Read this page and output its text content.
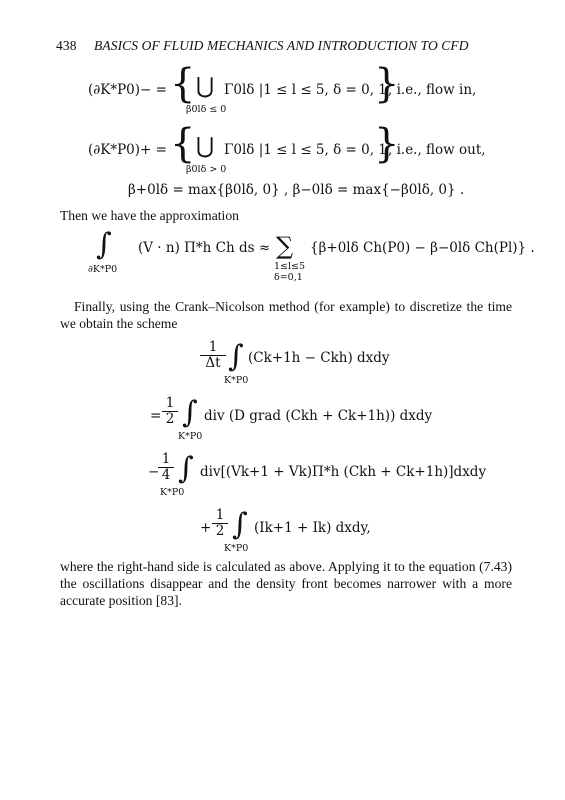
438 BASICS OF FLUID MECHANICS AND INTRODUCTION TO CFD
(∂K*P0)− = { ⋃
β0lδ ≤ 0
Γ0lδ |1 ≤ l ≤ 5, δ = 0, 1
}
, i.e., flow in,
(∂K*P0)+ = { ⋃
β0lδ > 0
Γ0lδ |1 ≤ l ≤ 5, δ = 0, 1
}
, i.e., flow out,
β+0lδ = max{β0lδ, 0} , β−0lδ = max{−β0lδ, 0} .
Then we have the approximation
∫
∂K*P0
(V · n) Π*h Ch ds ≈ ∑
1≤l≤5
δ=0,1
{β+0lδ Ch(P0) − β−0lδ Ch(Pl)} .
Finally, using the Crank–Nicolson method (for example) to discretize the time we obtain the scheme
$\frac{1}{\Delta t}$ ∫
K*P0
(Ck+1h − Ckh) dxdy
= $\frac{1}{2}$ ∫
K*P0
div (D grad (Ckh + Ck+1h)) dxdy
−
$\frac{1}{4}$ ∫
K*P0
div[(Vk+1 + Vk)Π*h (Ckh + Ck+1h)]dxdy
+ $\frac{1}{2}$ ∫
K*P0
(Ik+1 + Ik) dxdy,
where the right-hand side is calculated as above. Applying it to the equation (7.43) the oscillations disappear and the density front becomes narrower with a more accurate position [83].
